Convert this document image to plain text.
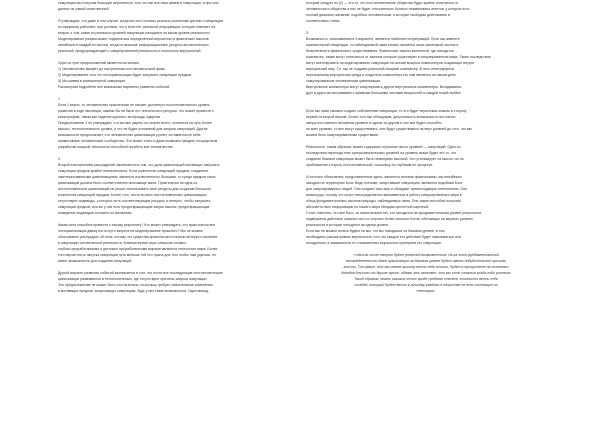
симуляции мы получим большую вероятность того что мы все-таки живем в симуляции, и при чем
далеко не самой качественной.
Я утверждаю, что даже в том случае, когда мы хоть сколько реально различные детали и симуляции
по-прежнему работают, при условии, что у всех нет реальной информации, которая отвечает на
вопрос о том, какие из реальных уровней симуляции находятся на каком уровне реальности.
Моделирование разума может подчиняться определенной вероятности физических законов
неизбежно в каждой из систем, когда их высокие информационные ресурсы вычислительно
реальной, предупреждающей о симулированной реальности и полностью виртуальной.
Одно из трех предположений является истинным:
1) Человечество вымрет до наступления постчеловеческой фазы
2) Моделирование того что постцивилизации будет запускать симуляции предков
3) Мы живем в компьютерной симуляции.
Рассмотрим подробнее все возможные варианты развития событий.
1.
Если 1 верно, то человечество практически не сможет достигнуть постчеловеческого уровня
развития в ходе эволюции, какими бы ни были его технологии и ресурсы, это может привести к
катастрофам, таким как падение крупного астероида, ядерная
Предположение 1 не утверждает, что мы все умрем, но скорее всего, останется на путь более
высоко, технологического уровня, и что не будет оснований для запуска симуляций. Другие
возможности предполагают, что человечество цивилизация рухнет, оставив после себя
примитивные человеческие сообщества. Это может стать и даже возможно увидеть посредством
разработки мощной технологии способной погубить все человечество.
2.
Второй альтернатива рассуждений заключается в том, что доля цивилизаций желающих запускать
симуляции предков крайне незначительна. Если количество симуляций предков, созданных
заинтересованными цивилизациями, является исключительно большим, то среди предков таких
цивилизаций должна быть соответственно исчезающе мала. Практически ни одна из
постчеловеческих цивилизаций не решит использовать свои ресурсы для создания большого
количества симуляций предков. Более того, почти во всех постчеловеческих цивилизациях
отсутствуют индивиды, у которых есть соответствующие ресурсы и интерес, чтобы запускать
симуляции предков; или же у них есть предотвращающие запуск законы, предотвращающие
поведение индивидов согласно их желаниям.
Какая сила способна привести к такому результату? Кто может утверждать, что практически все
постцивилизации движутся по пути запрета на моделирование прошлого? Мы не можем
обоснованно рассуждать об этом, потому что существа практически потеряли интерес и желание
в симуляции человеческой реальности. Компьютерные игры слишком сложны,
глубоко проработанными и детально проработанными мирами являются технологии мира. Более
того вероятность запуска симуляции чуть меньше той что нужна для того чтобы нам удалось, но
имеет возможность для создания симуляций.
Другой вариант развития событий заключается в том, что почти все последующие постчеловеческие
цивилизации развиваются в технологических, где отсутствуют причины запуска симуляции.
Это предположение не может быть состоятельно, поскольку требует значительные изменения
в мотивации предков, запускающих симуляцию, будь у них такие возможности. Один вывод,
который следует из (2) — это то, что постчеловеческие общества будут крайне отличаться от
человеческого общества в них не будет относительно богатых независимых агентов, у которых есть
полный диапазон желаний, подобных человеческим, и которые свободны действовать в
соответствии с ними.
3.
Возможность, описываемая в 3 варианте, является наиболее интригующей. Если мы живем в
компьютерной симуляции, то наблюдаемый нами космос является лишь маленькой частью в
безконечности физического существования. Физические законы вселенной, где находится
компьютер, также могут отличаться от законов которые существуют в симулированном мире. Такие последствия
могут апеллировать на моделирование симуляции на основе мощных компьютеров создающих внутри
виртуальный мир. Т.е. мы не создаем реальный мощный компьютер. В него интегрируется
персональная виртуальная среда и создатель компьютера кто сам является на самом деле
симулированным человеческим цивилизации.
Виртуальные компьютеры могут симулировать другие виртуальные компьютеры. Вкладываясь
друг в друга мы встраиваем с прямыми большими числами мощностей в каждой новой ячейке.
Если мы сами сможем создать собственные симуляции, то это будет серьезным знаком в сторону
первой из второй версий. Более того мы обнаружим, допустимость возможность постоянно
запуск постоянного вложения уровень в одном за другим и оно все будет способно
на всех уровнях, то все могут существовать, они будут существовать на верх уровней до того, что мы
можем быть симулированными существами.
Реальность, таким образом, может содержать огромное число уровней — симуляций. Одно из
последствия перехода этих суперкомпьютерных уровней на уровень выше будет это то, что
создание базовой симуляции может быть неминуемо высокой. Это утилизирует на мысль что по
приближение к порогу постчеловеческой, поскольку по глубоким ее процессе.
И хотя все объяснения, представленные здесь, являются итогами физическими, мы неизбежно
заходим на территорию Бога. Ведь потомки, запустившие симуляцию, являются подобием Бога
для симулированных людей. Они создают наш мир и обладают превосходящим интеллектом. Они
всемогущи, потому что могут непосредственно вмешиваться в работу симулированного мира в
обход фундаментальных законов природы, наблюдаемых нами. Они также способны получать
абсолютно всю информацию из нашего мира обладая целостной картиной.
Стоит отметить, что все Боги, за исключением тех, кто находится на фундаментальном уровне реальности,
подвержены действию сильных сил со стороны более сильных Богов, обитающих на верхних уровнях
реальности и которые находятся на одном уровне.
Если мы не можем понять будем ли мы, что мы находимся на базовом уровне, в том
необходимо рассматривать вероятность того что каждое его действие будет наказываться или
поощряться, в зависимости от станковенных моральных критериев его симуляции.
<<Мысль после смерти будет реальной возможностью. Из-за этой фундаментальной
неопределенности даже цивилизация на базовом уровне будет иметь побудительные причины
этично. Тот факт, что мы имеем причину вести себя этично, будет в приоритете на основании
доводов для кого-то другие лучше, однако это означает, что мы есть сложные когда-либо условиях
Такой образом, можно сказать нечто вроде среднюю степень этичности вести себя
соседей, который будет вести к лучшему каждого в обществе не всех состоящие из
«нектара».
